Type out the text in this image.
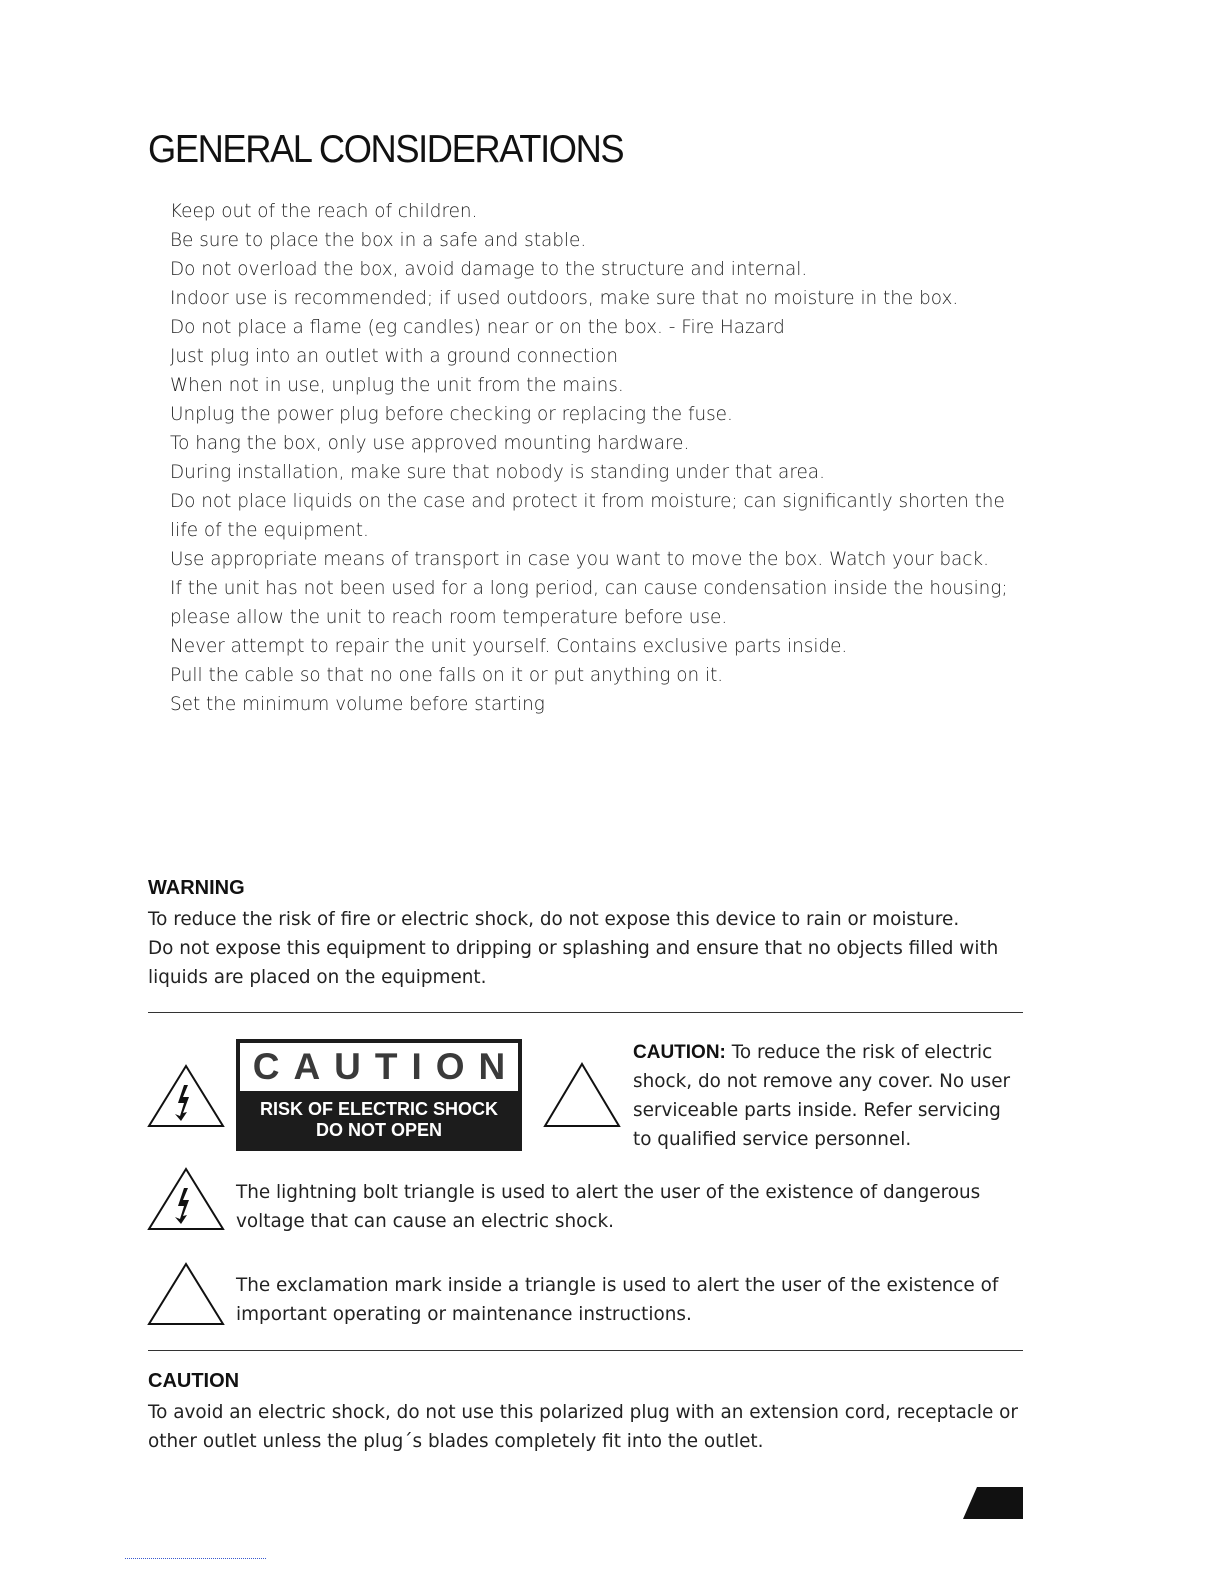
GENERAL CONSIDERATIONS
Keep out of the reach of children.
Be sure to place the box in a safe and stable.
Do not overload the box, avoid damage to the structure and internal.
Indoor use is recommended; if used outdoors, make sure that no moisture in the box.
Do not place a flame (eg candles) near or on the box. - Fire Hazard
Just plug into an outlet with a ground connection
When not in use, unplug the unit from the mains.
Unplug the power plug before checking or replacing the fuse.
To hang the box, only use approved mounting hardware.
During installation, make sure that nobody is standing under that area.
Do not place liquids on the case and protect it from moisture; can significantly shorten the life of the equipment.
Use appropriate means of transport in case you want to move the box. Watch your back.
If the unit has not been used for a long period, can cause condensation inside the housing; please allow the unit to reach room temperature before use.
Never attempt to repair the unit yourself. Contains exclusive parts inside.
Pull the cable so that no one falls on it or put anything on it.
Set the minimum volume before starting
WARNING

To reduce the risk of fire or electric shock, do not expose this device to rain or moisture.

Do not expose this equipment to dripping or splashing and ensure that no objects filled with liquids are placed on the equipment.

CAUTION
RISK OF ELECTRIC SHOCK
DO NOT OPEN

CAUTION: To reduce the risk of electric shock, do not remove any cover. No user serviceable parts inside. Refer servicing to qualified service personnel.

The lightning bolt triangle is used to alert the user of the existence of dangerous voltage that can cause an electric shock.

The exclamation mark inside a triangle is used to alert the user of the existence of important operating or maintenance instructions.

CAUTION

To avoid an electric shock, do not use this polarized plug with an extension cord, receptacle or other outlet unless the plug´s blades completely fit into the outlet.
